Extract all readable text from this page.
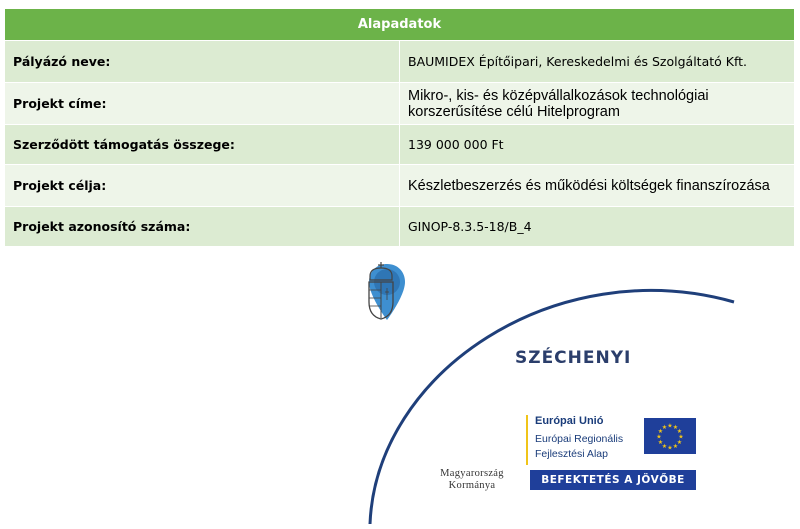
Alapadatok	
Pályázó neve:	BAUMIDEX Építőipari, Kereskedelmi és Szolgáltató Kft.
Projekt címe:	Mikro-, kis- és középvállalkozások technológiai korszerűsítése célú Hitelprogram
Szerződött támogatás összege:	139 000 000 Ft
Projekt célja:	Készletbeszerzés és működési költségek finanszírozása
Projekt azonosító száma:	GINOP-8.3.5-18/B_4
SZÉCHENYI	2020
Magyarország
Kormánya
Európai Unió
Európai Regionális
Fejlesztési Alap
★
★
★
★
★
★
★
★
★ ★ ★
★
BEFEKTETÉS A JÖVŐBE
